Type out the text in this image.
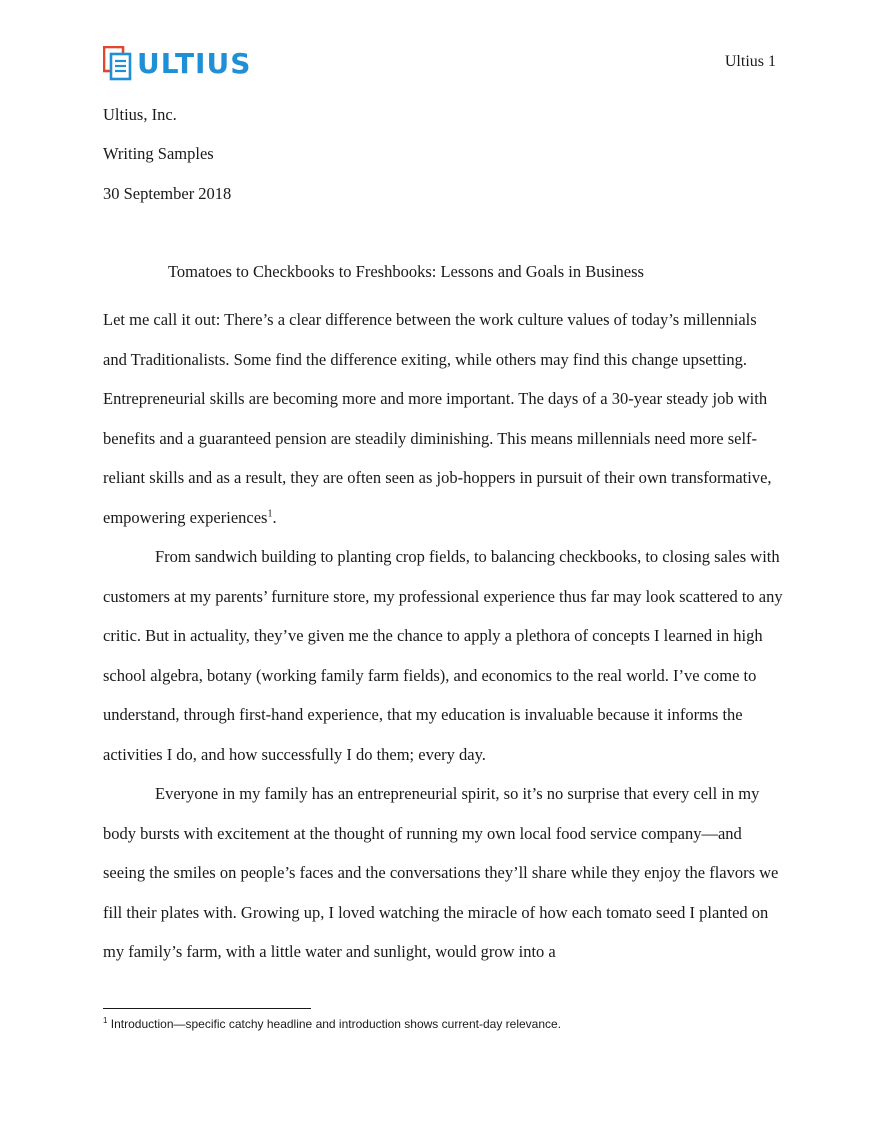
ULTIUS	Ultius 1
Ultius, Inc.
Writing Samples
30 September 2018
Tomatoes to Checkbooks to Freshbooks: Lessons and Goals in Business

Let me call it out: There’s a clear difference between the work culture values of today’s millennials and Traditionalists. Some find the difference exiting, while others may find this change upsetting. Entrepreneurial skills are becoming more and more important. The days of a 30-year steady job with benefits and a guaranteed pension are steadily diminishing. This means millennials need more self-reliant skills and as a result, they are often seen as job-hoppers in pursuit of their own transformative, empowering experiences$^1$.

From sandwich building to planting crop fields, to balancing checkbooks, to closing sales with customers at my parents’ furniture store, my professional experience thus far may look scattered to any critic. But in actuality, they’ve given me the chance to apply a plethora of concepts I learned in high school algebra, botany (working family farm fields), and economics to the real world. I’ve come to understand, through first-hand experience, that my education is invaluable because it informs the activities I do, and how successfully I do them; every day.

Everyone in my family has an entrepreneurial spirit, so it’s no surprise that every cell in my body bursts with excitement at the thought of running my own local food service company—and seeing the smiles on people’s faces and the conversations they’ll share while they enjoy the flavors we fill their plates with. Growing up, I loved watching the miracle of how each tomato seed I planted on my family’s farm, with a little water and sunlight, would grow into a

$^1$ Introduction—specific catchy headline and introduction shows current-day relevance.
